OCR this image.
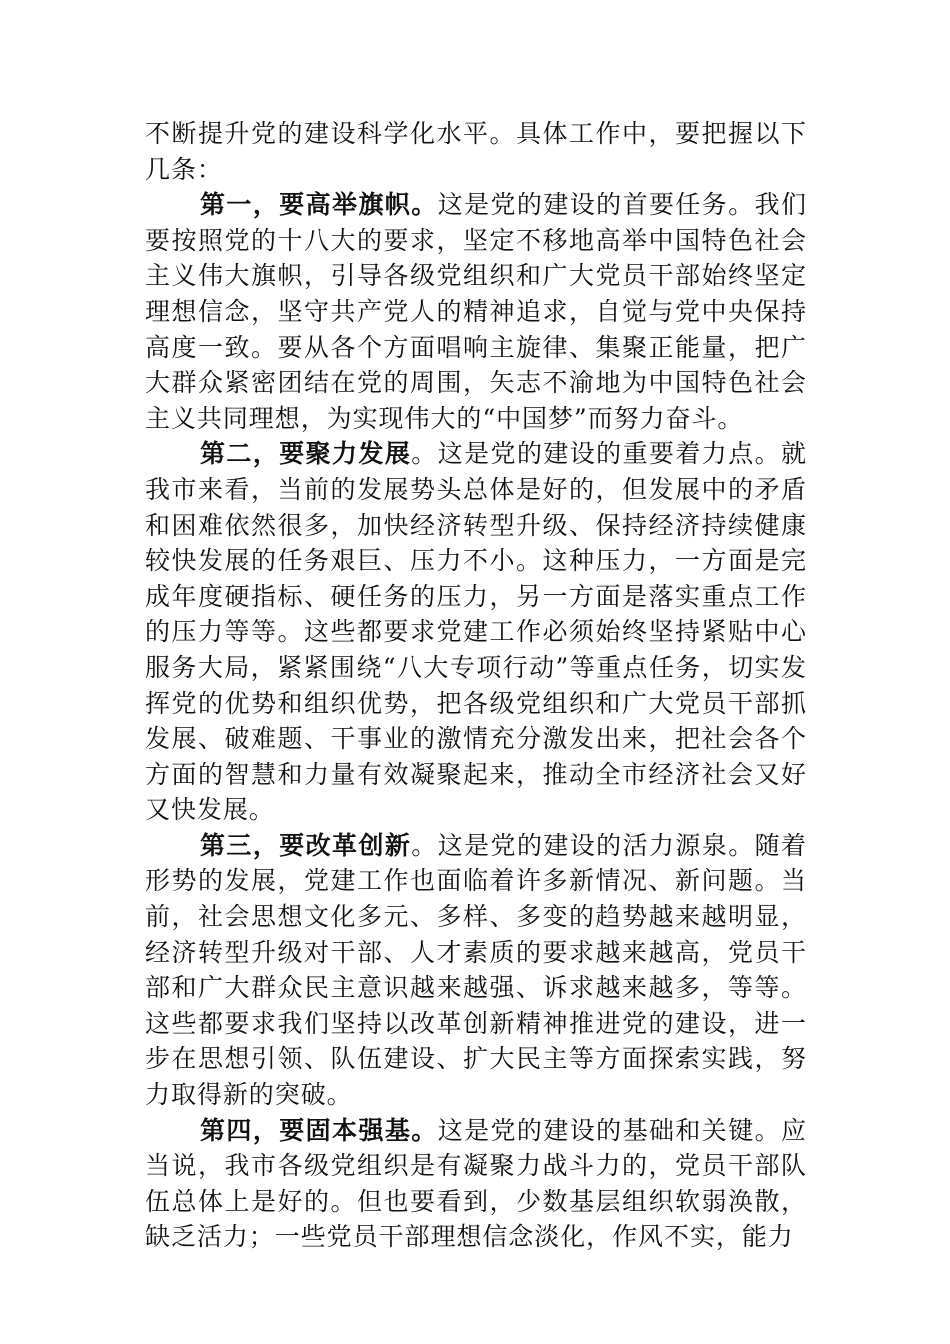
不断提升党的建设科学化水平。具体工作中，要把握以下几条：

第一，要高举旗帜。这是党的建设的首要任务。我们要按照党的十八大的要求，坚定不移地高举中国特色社会主义伟大旗帜，引导各级党组织和广大党员干部始终坚定理想信念，坚守共产党人的精神追求，自觉与党中央保持高度一致。要从各个方面唱响主旋律、集聚正能量，把广大群众紧密团结在党的周围，矢志不渝地为中国特色社会主义共同理想，为实现伟大的“中国梦”而努力奋斗。

第二，要聚力发展。这是党的建设的重要着力点。就我市来看，当前的发展势头总体是好的，但发展中的矛盾和困难依然很多，加快经济转型升级、保持经济持续健康较快发展的任务艰巨、压力不小。这种压力，一方面是完成年度硬指标、硬任务的压力，另一方面是落实重点工作的压力等等。这些都要求党建工作必须始终坚持紧贴中心服务大局，紧紧围绕“八大专项行动”等重点任务，切实发挥党的优势和组织优势，把各级党组织和广大党员干部抓发展、破难题、干事业的激情充分激发出来，把社会各个方面的智慧和力量有效凝聚起来，推动全市经济社会又好又快发展。

第三，要改革创新。这是党的建设的活力源泉。随着形势的发展，党建工作也面临着许多新情况、新问题。当前，社会思想文化多元、多样、多变的趋势越来越明显，经济转型升级对干部、人才素质的要求越来越高，党员干部和广大群众民主意识越来越强、诉求越来越多，等等。这些都要求我们坚持以改革创新精神推进党的建设，进一步在思想引领、队伍建设、扩大民主等方面探索实践，努力取得新的突破。

第四，要固本强基。这是党的建设的基础和关键。应当说，我市各级党组织是有凝聚力战斗力的，党员干部队伍总体上是好的。但也要看到，少数基层组织软弱涣散，缺乏活力；一些党员干部理想信念淡化，作风不实，能力
